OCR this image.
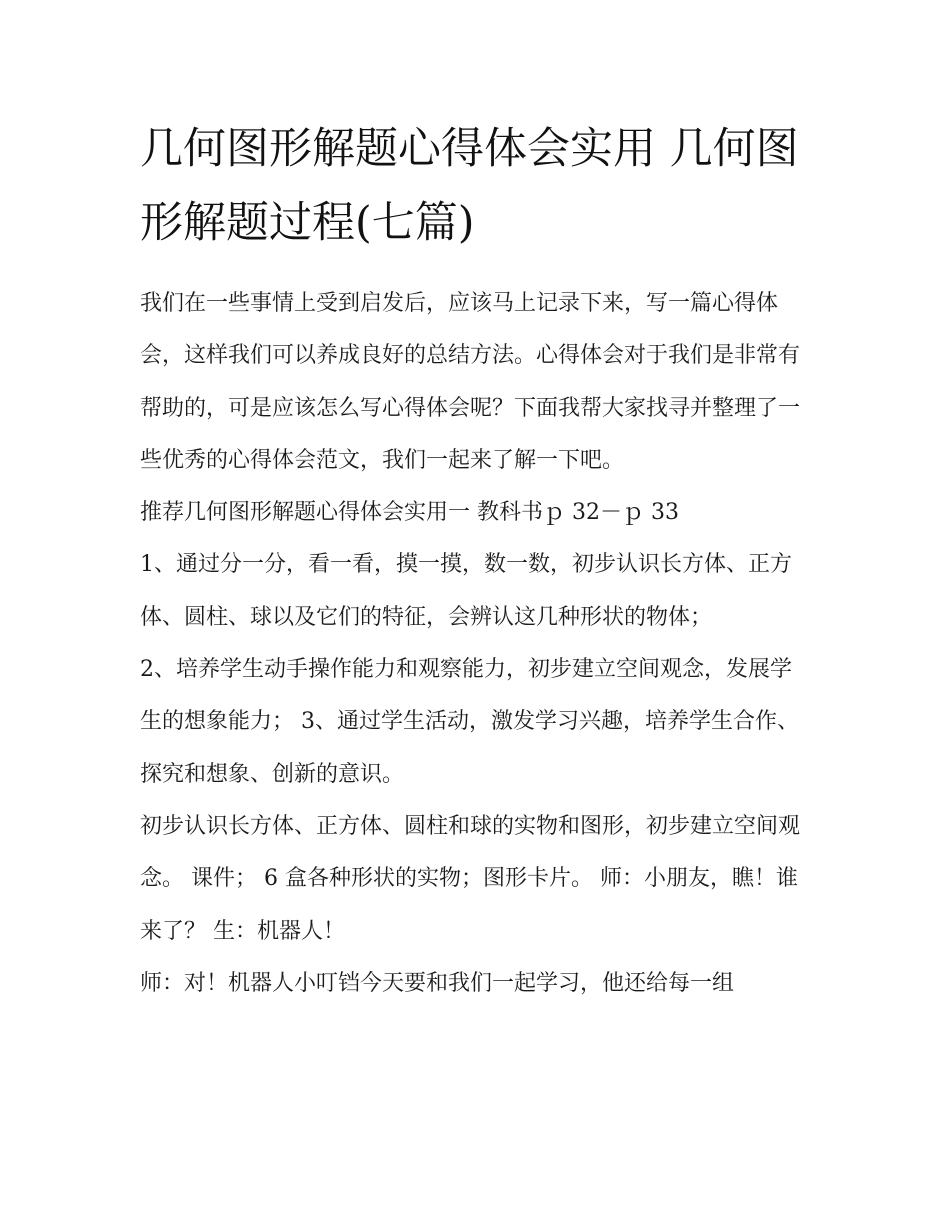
几何图形解题心得体会实用 几何图形解题过程(七篇)

我们在一些事情上受到启发后，应该马上记录下来，写一篇心得体会，这样我们可以养成良好的总结方法。心得体会对于我们是非常有帮助的，可是应该怎么写心得体会呢？下面我帮大家找寻并整理了一些优秀的心得体会范文，我们一起来了解一下吧。

推荐几何图形解题心得体会实用一 教科书ｐ 32－ｐ 33

1、通过分一分，看一看，摸一摸，数一数，初步认识长方体、正方体、圆柱、球以及它们的特征，会辨认这几种形状的物体；

2、培养学生动手操作能力和观察能力，初步建立空间观念，发展学生的想象能力； 3、通过学生活动，激发学习兴趣，培养学生合作、探究和想象、创新的意识。

初步认识长方体、正方体、圆柱和球的实物和图形，初步建立空间观念。 课件； 6 盒各种形状的实物；图形卡片。 师：小朋友，瞧！谁来了？ 生：机器人！

师：对！机器人小叮铛今天要和我们一起学习，他还给每一组
